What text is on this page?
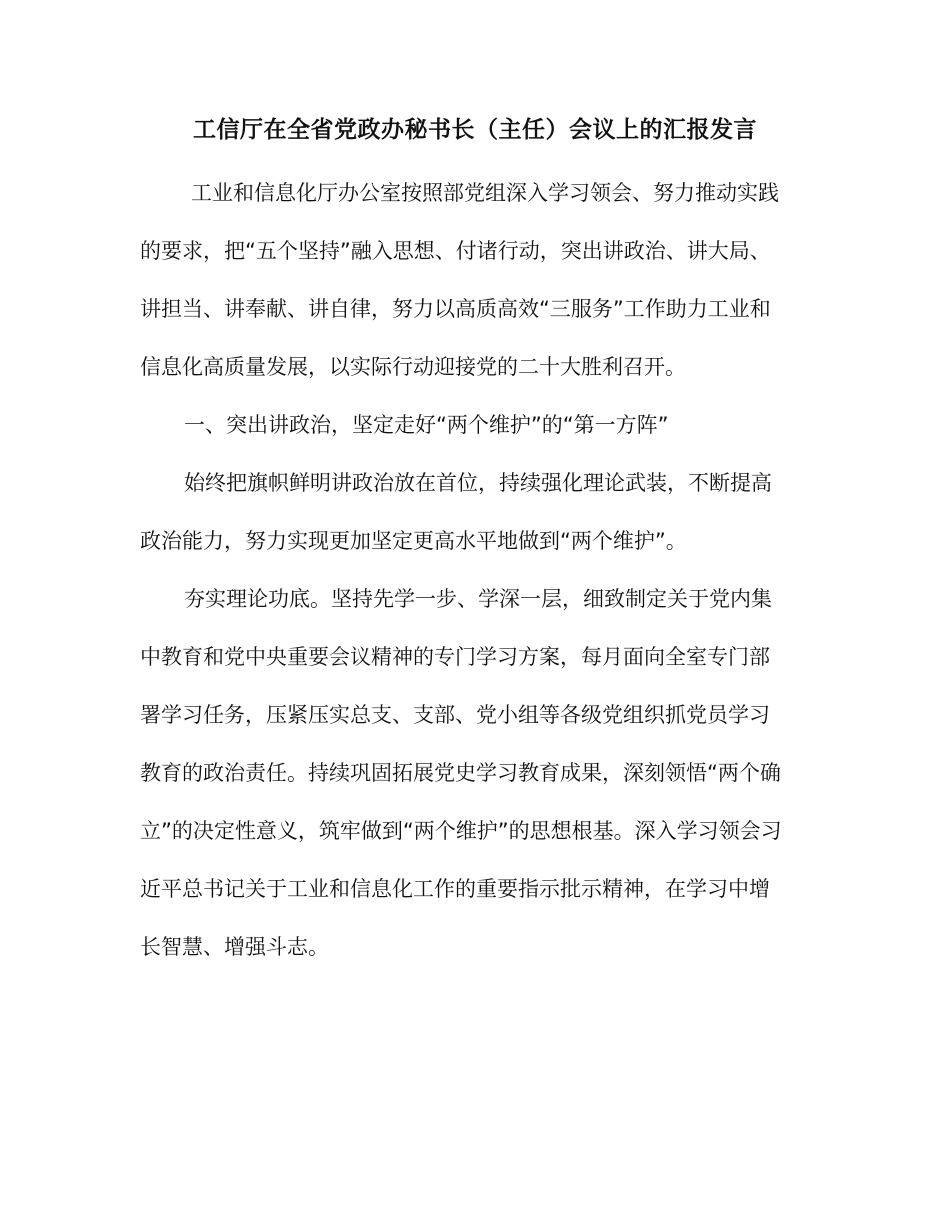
工信厅在全省党政办秘书长（主任）会议上的汇报发言
工业和信息化厅办公室按照部党组深入学习领会、努力推动实践
的要求，把“五个坚持”融入思想、付诸行动，突出讲政治、讲大局、
讲担当、讲奉献、讲自律，努力以高质高效“三服务”工作助力工业和
信息化高质量发展，以实际行动迎接党的二十大胜利召开。
一、突出讲政治，坚定走好“两个维护”的“第一方阵”
始终把旗帜鲜明讲政治放在首位，持续强化理论武装，不断提高
政治能力，努力实现更加坚定更高水平地做到“两个维护”。
夯实理论功底。坚持先学一步、学深一层，细致制定关于党内集
中教育和党中央重要会议精神的专门学习方案，每月面向全室专门部
署学习任务，压紧压实总支、支部、党小组等各级党组织抓党员学习
教育的政治责任。持续巩固拓展党史学习教育成果，深刻领悟“两个确
立”的决定性意义，筑牢做到“两个维护”的思想根基。深入学习领会习
近平总书记关于工业和信息化工作的重要指示批示精神，在学习中增
长智慧、增强斗志。
